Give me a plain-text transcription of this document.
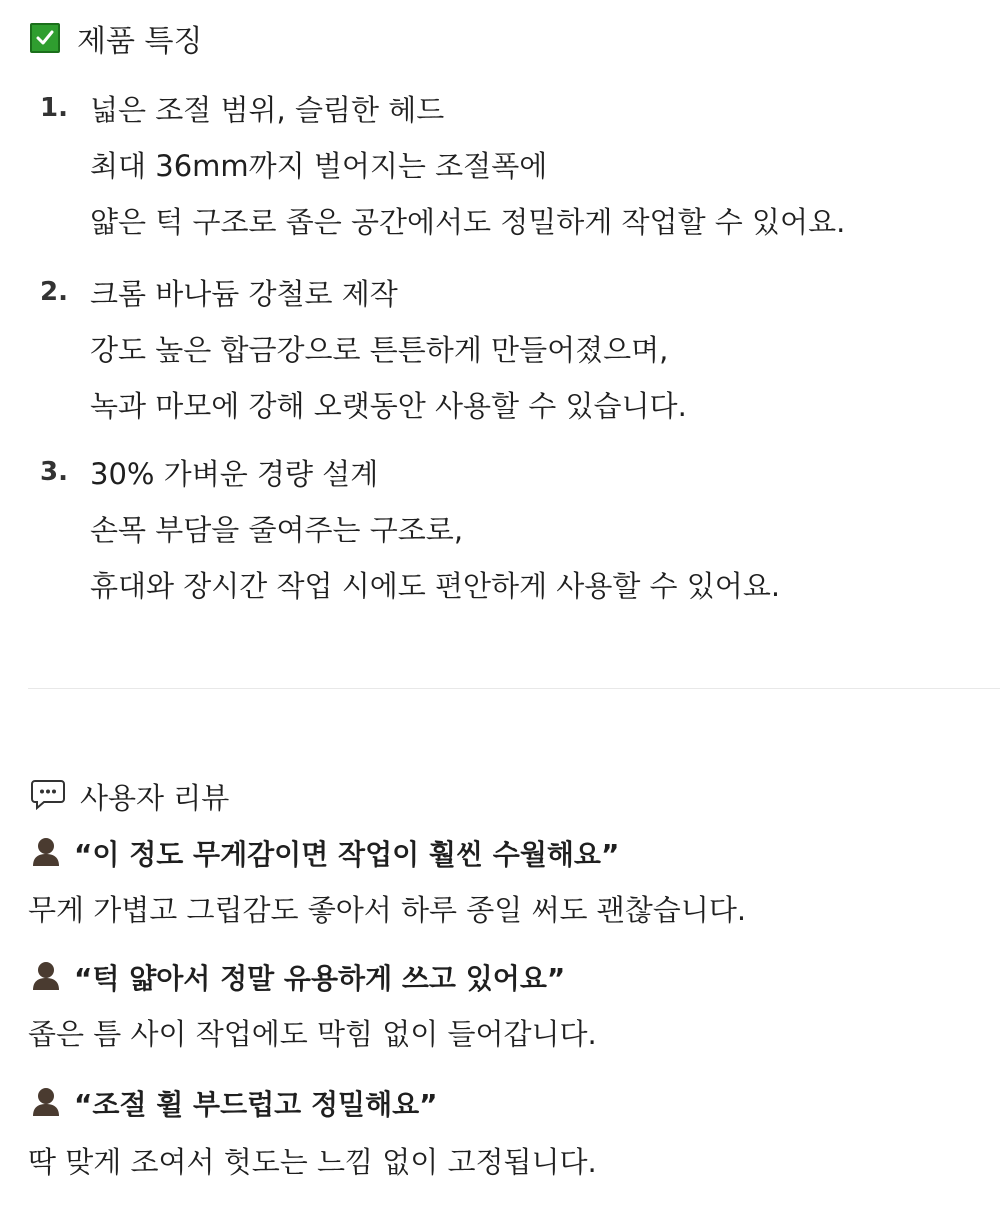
제품 특징
1. 넓은 조절 범위, 슬림한 헤드
최대 36mm까지 벌어지는 조절폭에
얇은 턱 구조로 좁은 공간에서도 정밀하게 작업할 수 있어요.
2. 크롬 바나듐 강철로 제작
강도 높은 합금강으로 튼튼하게 만들어졌으며,
녹과 마모에 강해 오랫동안 사용할 수 있습니다.
3. 30% 가벼운 경량 설계
손목 부담을 줄여주는 구조로,
휴대와 장시간 작업 시에도 편안하게 사용할 수 있어요.
사용자 리뷰
“이 정도 무게감이면 작업이 훨씬 수월해요”
무게 가볍고 그립감도 좋아서 하루 종일 써도 괜찮습니다.
“턱 얇아서 정말 유용하게 쓰고 있어요”
좁은 틈 사이 작업에도 막힘 없이 들어갑니다.
“조절 휠 부드럽고 정밀해요”
딱 맞게 조여서 헛도는 느낌 없이 고정됩니다.
